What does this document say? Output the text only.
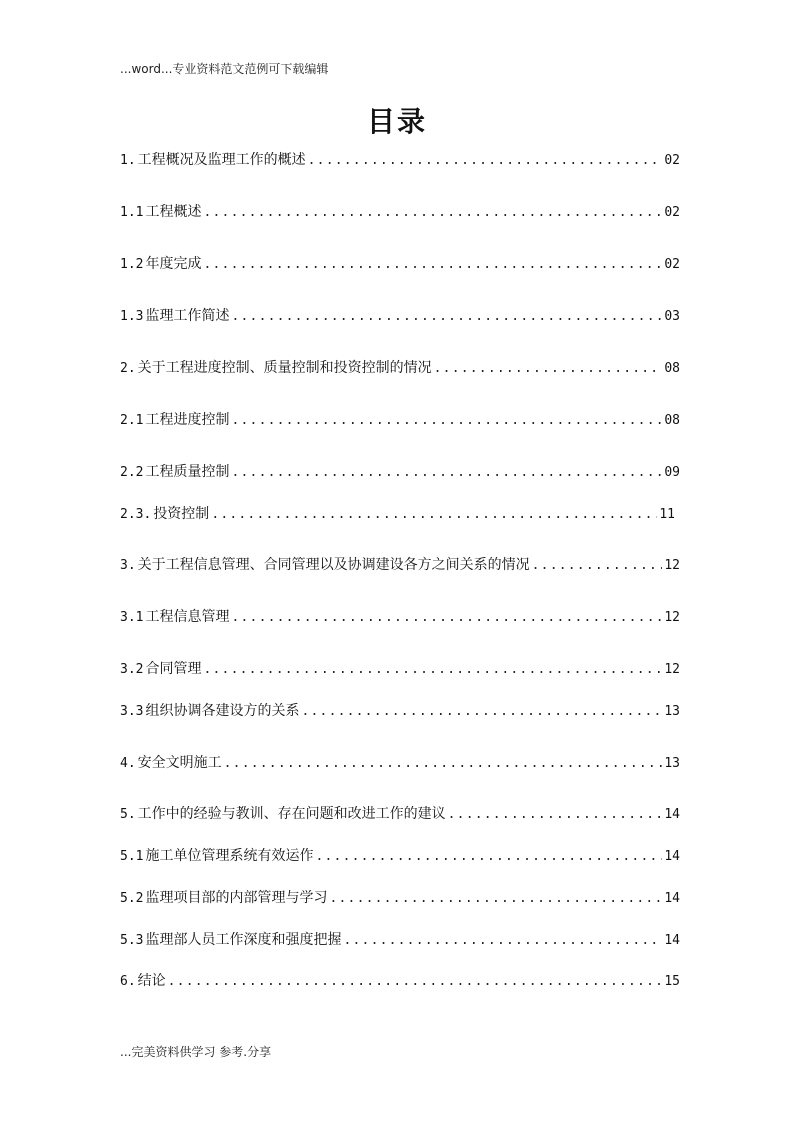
...word...专业资料范文范例可下载编辑
目录
1. 工程概况及监理工作的概述 .....	02
1.1 工程概述 .....	02
1.2 年度完成 .....	02
1.3 监理工作简述 .....	03
2. 关于工程进度控制、质量控制和投资控制的情况 .....	08
2.1 工程进度控制 .....	08
2.2 工程质量控制 .....	09
2.3. 投资控制 .....	11
3. 关于工程信息管理、合同管理以及协调建设各方之间关系的情况 .....	12
3.1 工程信息管理 .....	12
3.2 合同管理 .....	12
3.3 组织协调各建设方的关系 .....	13
4. 安全文明施工 .....	13
5. 工作中的经验与教训、存在问题和改进工作的建议 .....	14
5.1 施工单位管理系统有效运作 .....	14
5.2 监理项目部的内部管理与学习 .....	14
5.3 监理部人员工作深度和强度把握 .....	14
6. 结论 .....	15
...完美资料供学习 参考.分享
